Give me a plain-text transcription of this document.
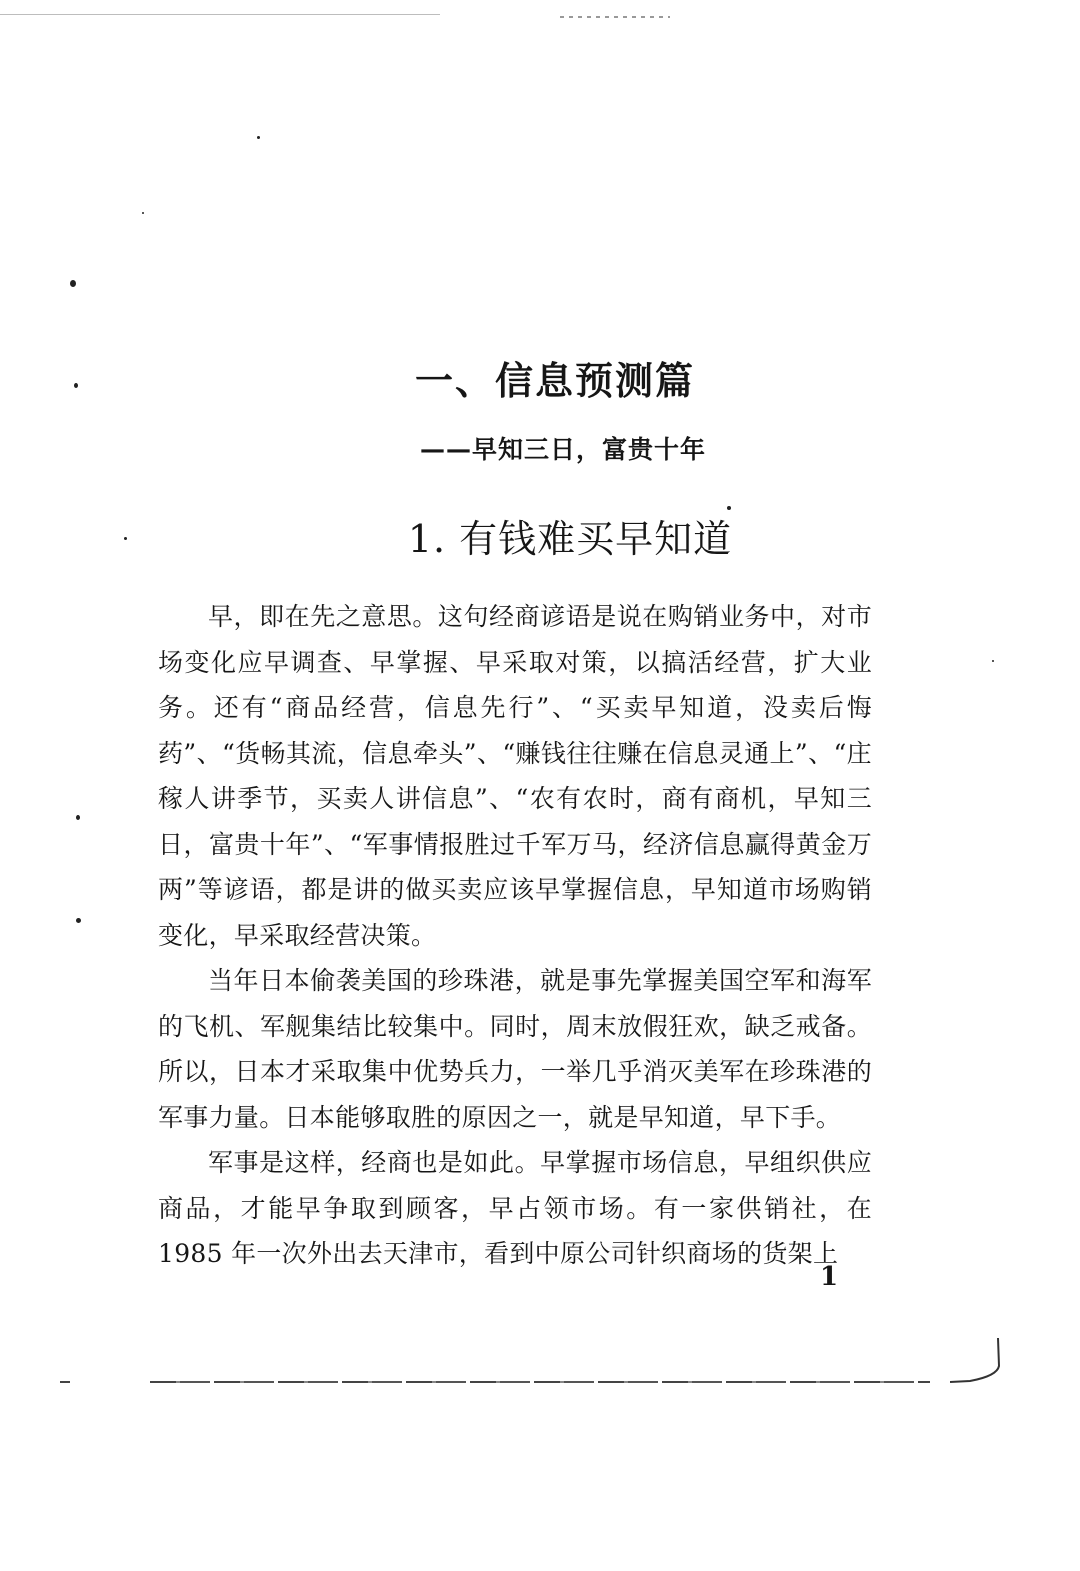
一、信息预测篇
——早知三日，富贵十年
1. 有钱难买早知道

早，即在先之意思。这句经商谚语是说在购销业务中，对市场变化应早调查、早掌握、早采取对策，以搞活经营，扩大业务。还有“商品经营，信息先行”、“买卖早知道，没卖后悔药”、“货畅其流，信息牵头”、“赚钱往往赚在信息灵通上”、“庄稼人讲季节，买卖人讲信息”、“农有农时，商有商机，早知三日，富贵十年”、“军事情报胜过千军万马，经济信息赢得黄金万两”等谚语，都是讲的做买卖应该早掌握信息，早知道市场购销变化，早采取经营决策。

当年日本偷袭美国的珍珠港，就是事先掌握美国空军和海军的飞机、军舰集结比较集中。同时，周末放假狂欢，缺乏戒备。所以，日本才采取集中优势兵力，一举几乎消灭美军在珍珠港的军事力量。日本能够取胜的原因之一，就是早知道，早下手。

军事是这样，经商也是如此。早掌握市场信息，早组织供应商品，才能早争取到顾客，早占领市场。有一家供销社，在1985 年一次外出去天津市，看到中原公司针织商场的货架上

1
